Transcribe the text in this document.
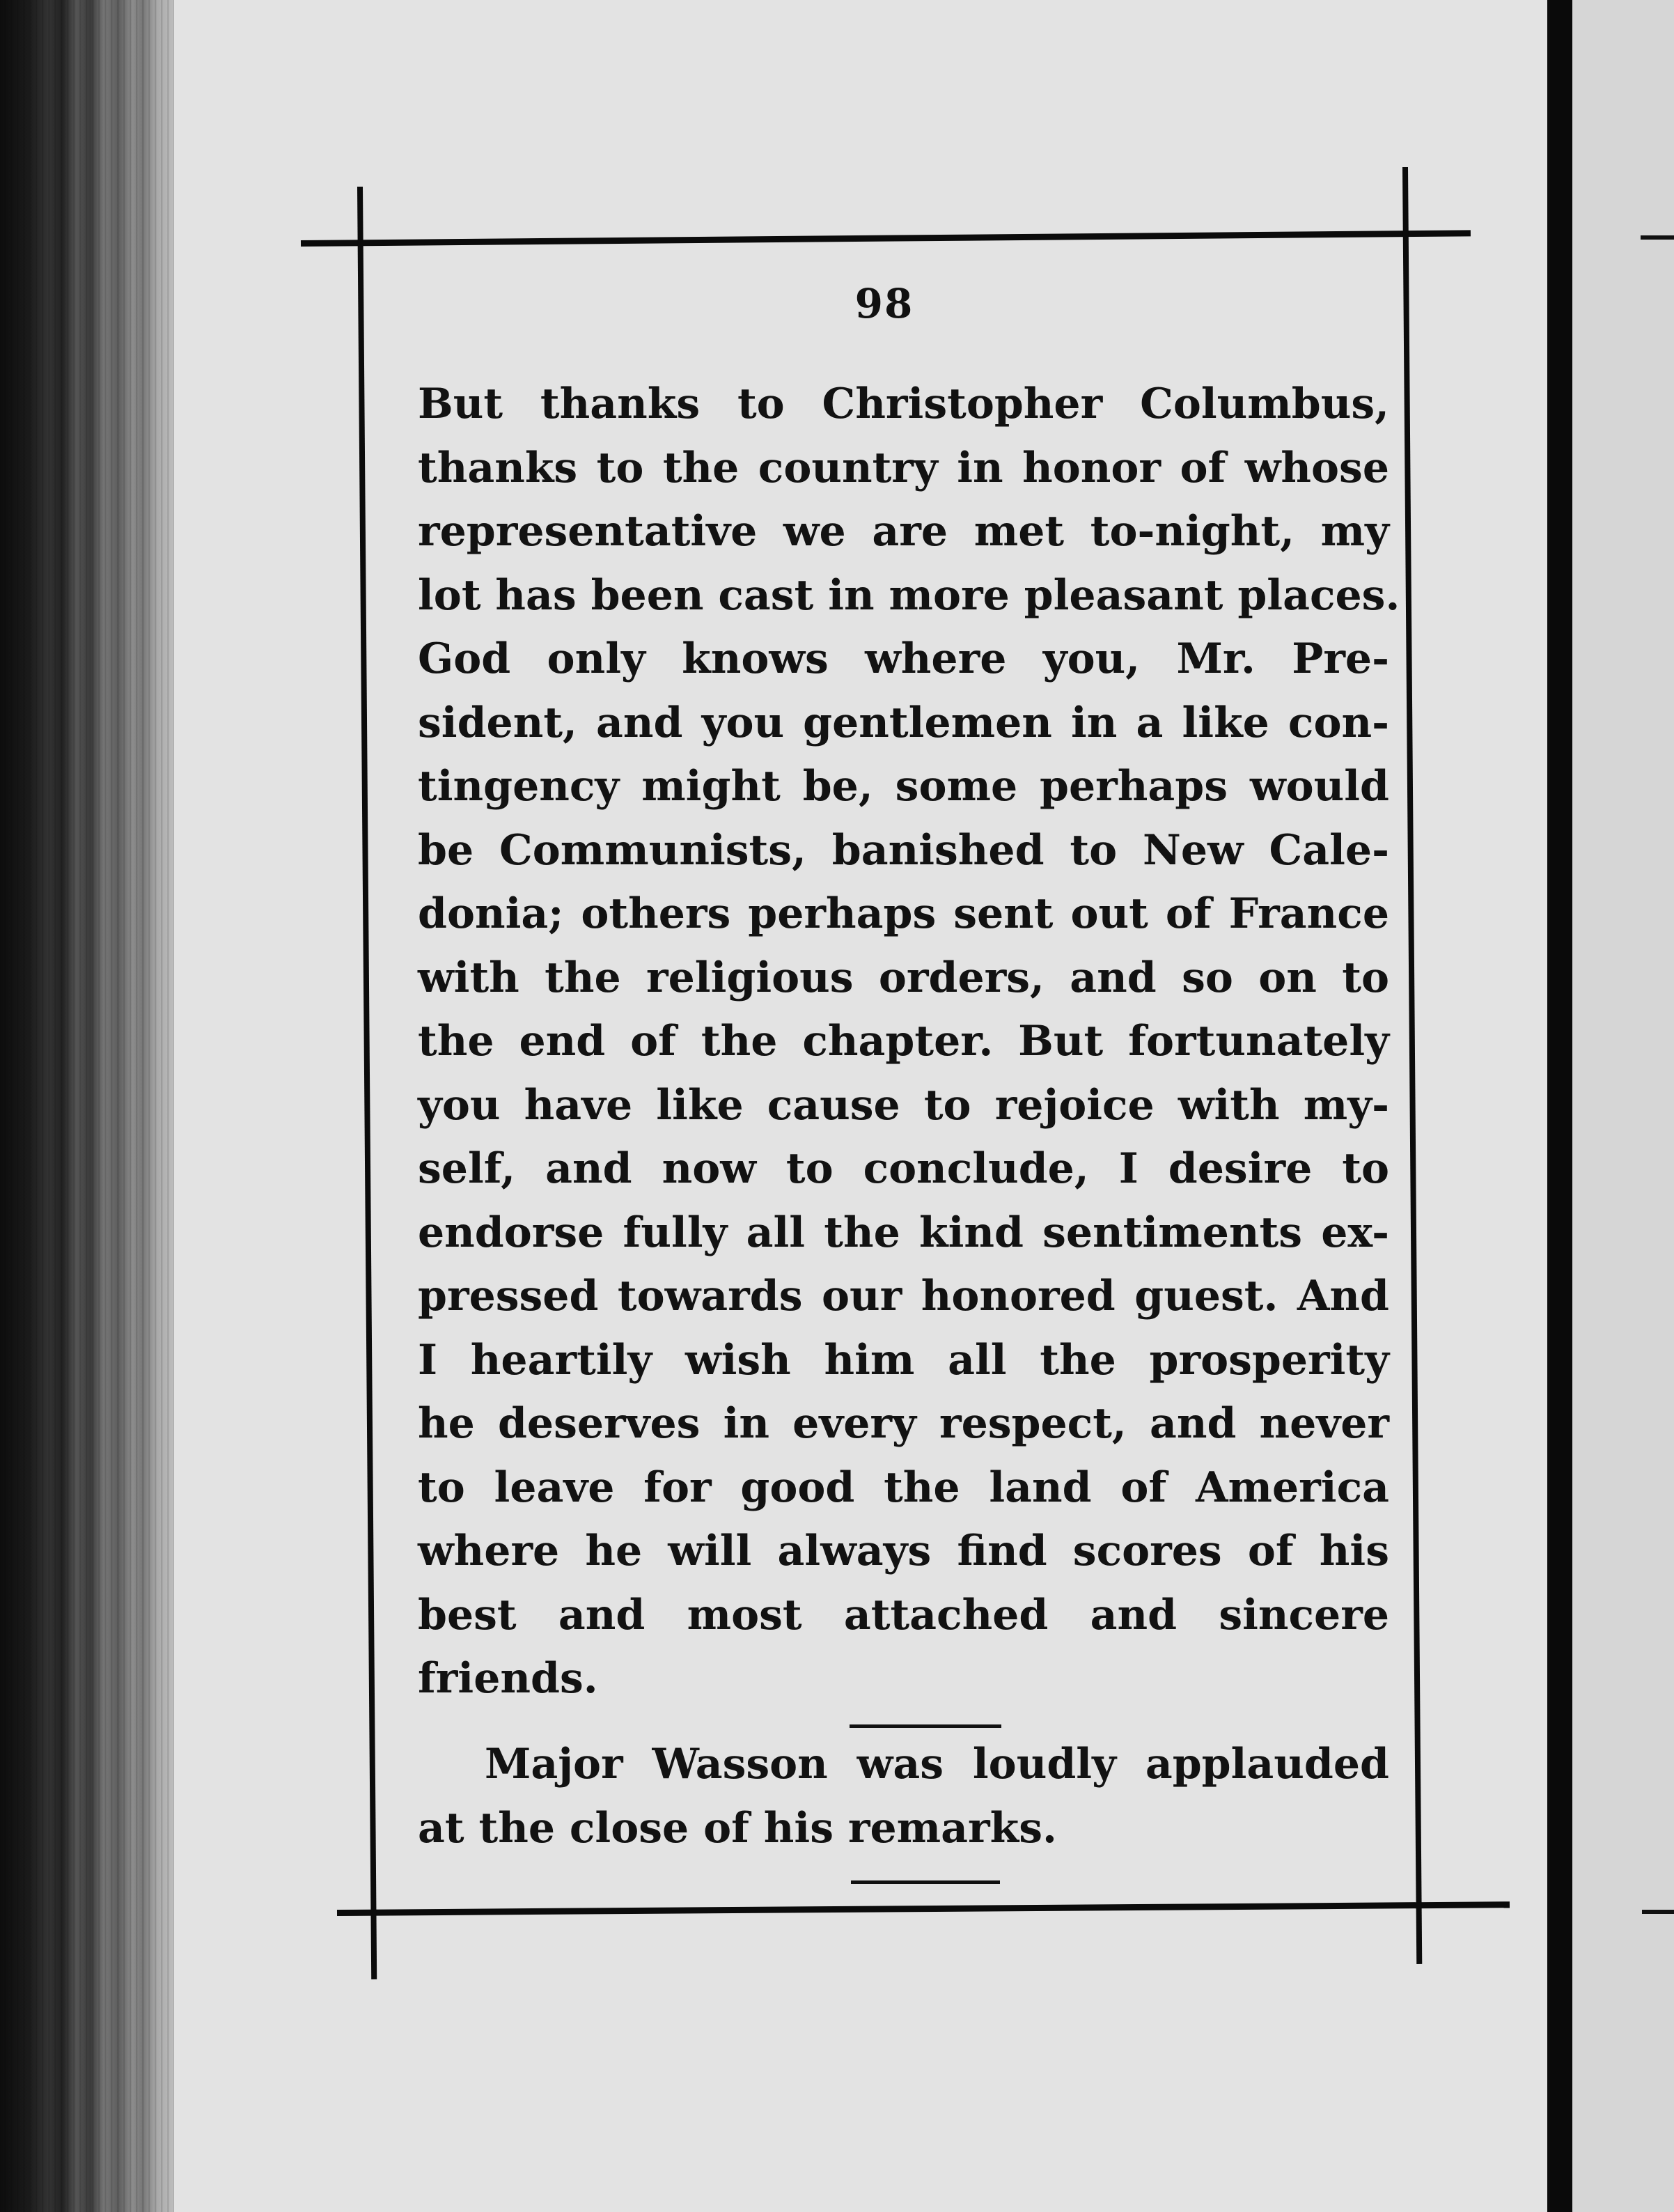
98
But thanks to Christopher Columbus,
thanks to the country in honor of whose
representative we are met to-night, my
lot has been cast in more pleasant places.
God only knows where you, Mr. Pre-
sident, and you gentlemen in a like con-
tingency might be, some perhaps would
be Communists, banished to New Cale-
donia; others perhaps sent out of France
with the religious orders, and so on to
the end of the chapter. But fortunately
you have like cause to rejoice with my-
self, and now to conclude, I desire to
endorse fully all the kind sentiments ex-
pressed towards our honored guest. And
I heartily wish him all the prosperity
he deserves in every respect, and never
to leave for good the land of America
where he will always find scores of his
best and most attached and sincere
friends.
Major Wasson was loudly applauded
at the close of his remarks.
